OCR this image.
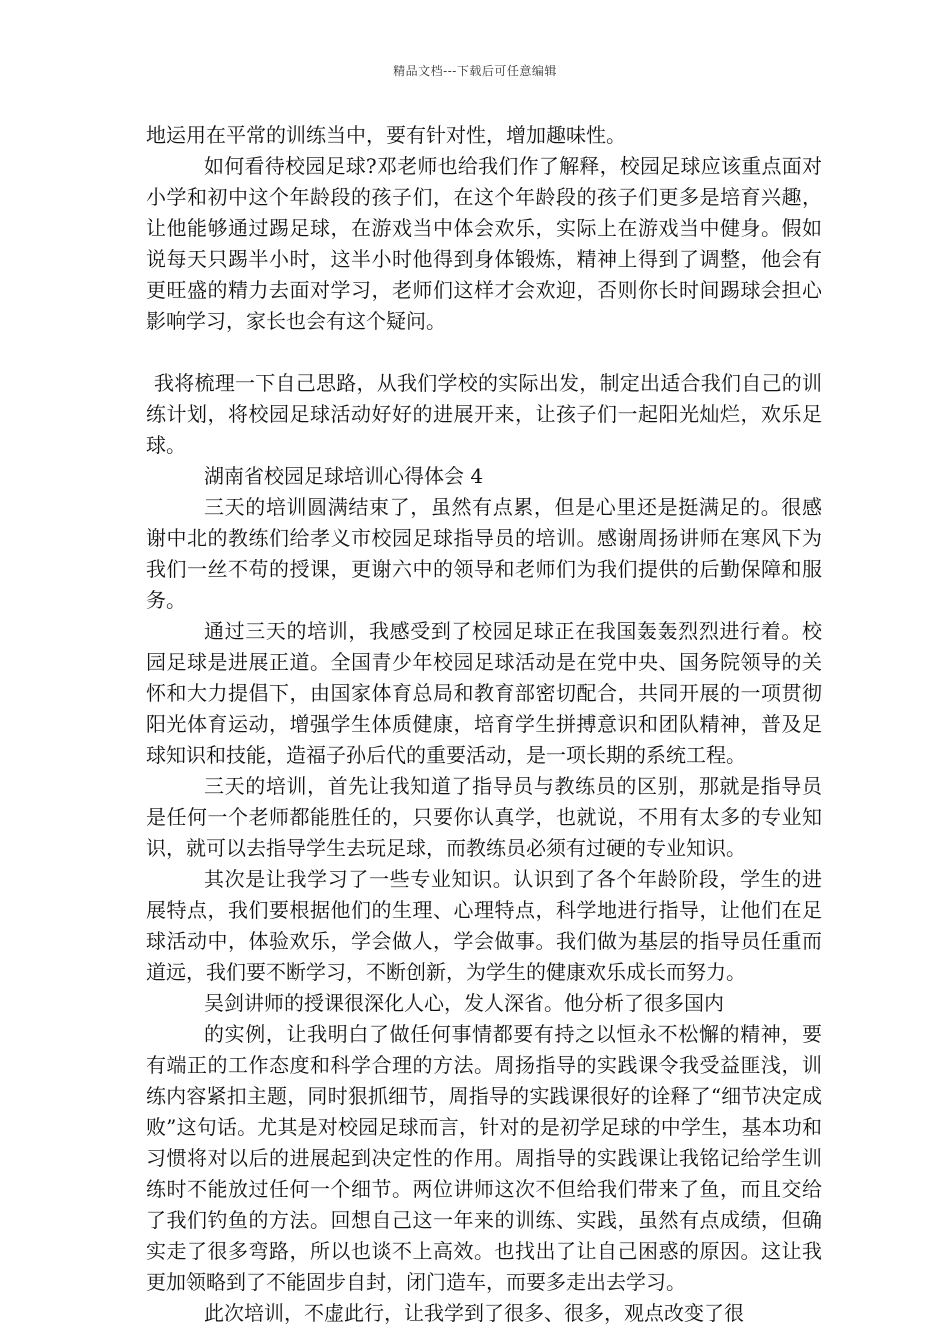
精品文档---下载后可任意编辑

地运用在平常的训练当中，要有针对性，增加趣味性。

如何看待校园足球?邓老师也给我们作了解释，校园足球应该重点面对小学和初中这个年龄段的孩子们，在这个年龄段的孩子们更多是培育兴趣，让他能够通过踢足球，在游戏当中体会欢乐，实际上在游戏当中健身。假如说每天只踢半小时，这半小时他得到身体锻炼，精神上得到了调整，他会有更旺盛的精力去面对学习，老师们这样才会欢迎，否则你长时间踢球会担心影响学习，家长也会有这个疑问。

我将梳理一下自己思路，从我们学校的实际出发，制定出适合我们自己的训练计划，将校园足球活动好好的进展开来，让孩子们一起阳光灿烂，欢乐足球。

湖南省校园足球培训心得体会 4

三天的培训圆满结束了，虽然有点累，但是心里还是挺满足的。很感谢中北的教练们给孝义市校园足球指导员的培训。感谢周扬讲师在寒风下为我们一丝不苟的授课，更谢六中的领导和老师们为我们提供的后勤保障和服务。

通过三天的培训，我感受到了校园足球正在我国轰轰烈烈进行着。校园足球是进展正道。全国青少年校园足球活动是在党中央、国务院领导的关怀和大力提倡下，由国家体育总局和教育部密切配合，共同开展的一项贯彻阳光体育运动，增强学生体质健康，培育学生拼搏意识和团队精神，普及足球知识和技能，造福子孙后代的重要活动，是一项长期的系统工程。

三天的培训，首先让我知道了指导员与教练员的区别，那就是指导员是任何一个老师都能胜任的，只要你认真学，也就说，不用有太多的专业知识，就可以去指导学生去玩足球，而教练员必须有过硬的专业知识。

其次是让我学习了一些专业知识。认识到了各个年龄阶段，学生的进展特点，我们要根据他们的生理、心理特点，科学地进行指导，让他们在足球活动中，体验欢乐，学会做人，学会做事。我们做为基层的指导员任重而道远，我们要不断学习，不断创新，为学生的健康欢乐成长而努力。

吴剑讲师的授课很深化人心，发人深省。他分析了很多国内

的实例，让我明白了做任何事情都要有持之以恒永不松懈的精神，要有端正的工作态度和科学合理的方法。周扬指导的实践课令我受益匪浅，训练内容紧扣主题，同时狠抓细节，周指导的实践课很好的诠释了“细节决定成败”这句话。尤其是对校园足球而言，针对的是初学足球的中学生，基本功和习惯将对以后的进展起到决定性的作用。周指导的实践课让我铭记给学生训练时不能放过任何一个细节。两位讲师这次不但给我们带来了鱼，而且交给了我们钓鱼的方法。回想自己这一年来的训练、实践，虽然有点成绩，但确实走了很多弯路，所以也谈不上高效。也找出了让自己困惑的原因。这让我更加领略到了不能固步自封，闭门造车，而要多走出去学习。

此次培训，不虚此行，让我学到了很多、很多，观点改变了很
